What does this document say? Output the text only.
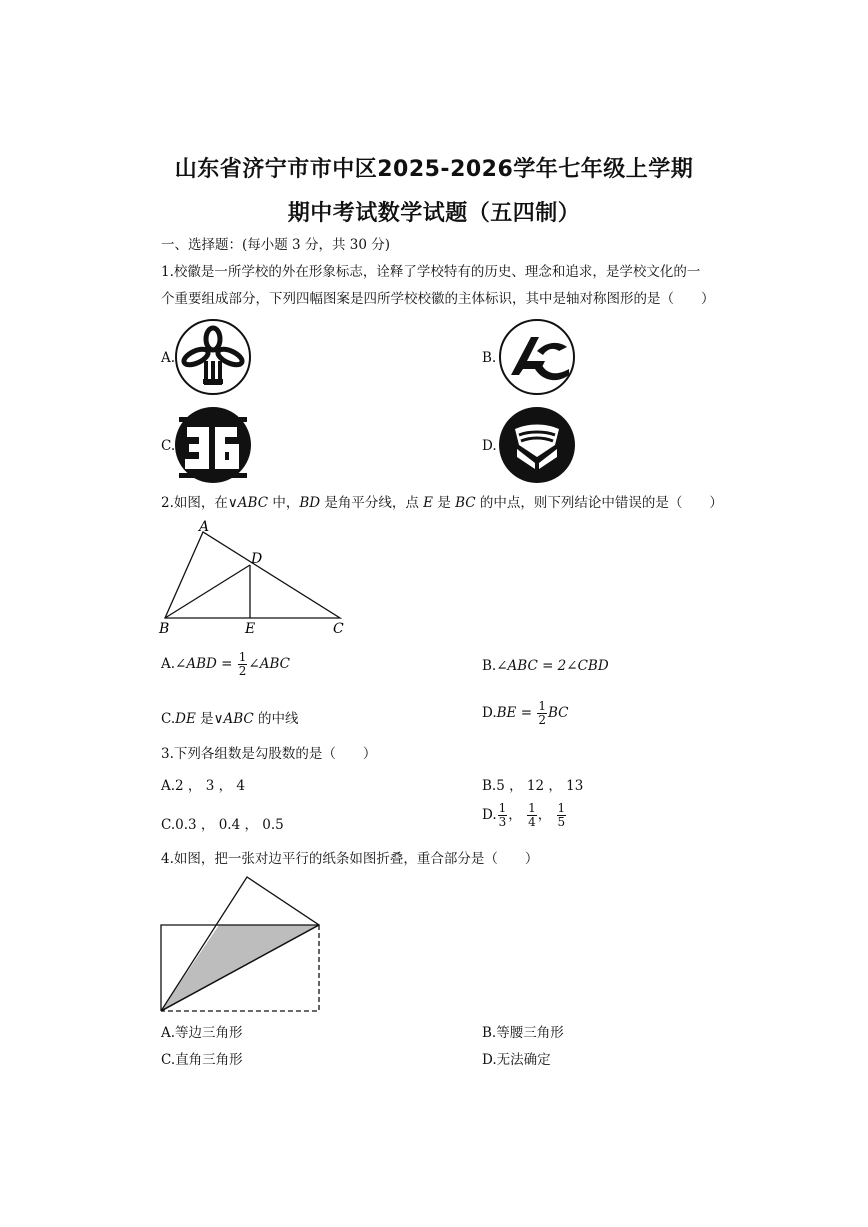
山东省济宁市市中区2025-2026学年七年级上学期
期中考试数学试题（五四制）
一、选择题：(每小题 3 分，共 30 分)
1.校徽是一所学校的外在形象标志，诠释了学校特有的历史、理念和追求，是学校文化的一
个重要组成部分，下列四幅图案是四所学校校徽的主体标识，其中是轴对称图形的是（　　）
A.	B.
C.	D.
2.如图，在∨ABC 中，BD 是角平分线，点 E 是 BC 的中点，则下列结论中错误的是（　　）
A
B	C
D
E
A.∠ABD = $\frac{1}{2}$ ∠ABC	B.∠ABC = 2∠CBD
C.DE 是∨ABC 的中线	$D.BE = \frac{1}{2}$ BC
3.下列各组数是勾股数的是（　　）
A.2 ， 3 ， 4	B.5 ， 12 ， 13
C.0.3 ， 0.4 ， 0.5
D. $\frac{1}{3}$ ， $\frac{1}{4}$ ， $\frac{1}{5}$
4.如图，把一张对边平行的纸条如图折叠，重合部分是（　　）
A.等边三角形	B.等腰三角形
C.直角三角形	D.无法确定
